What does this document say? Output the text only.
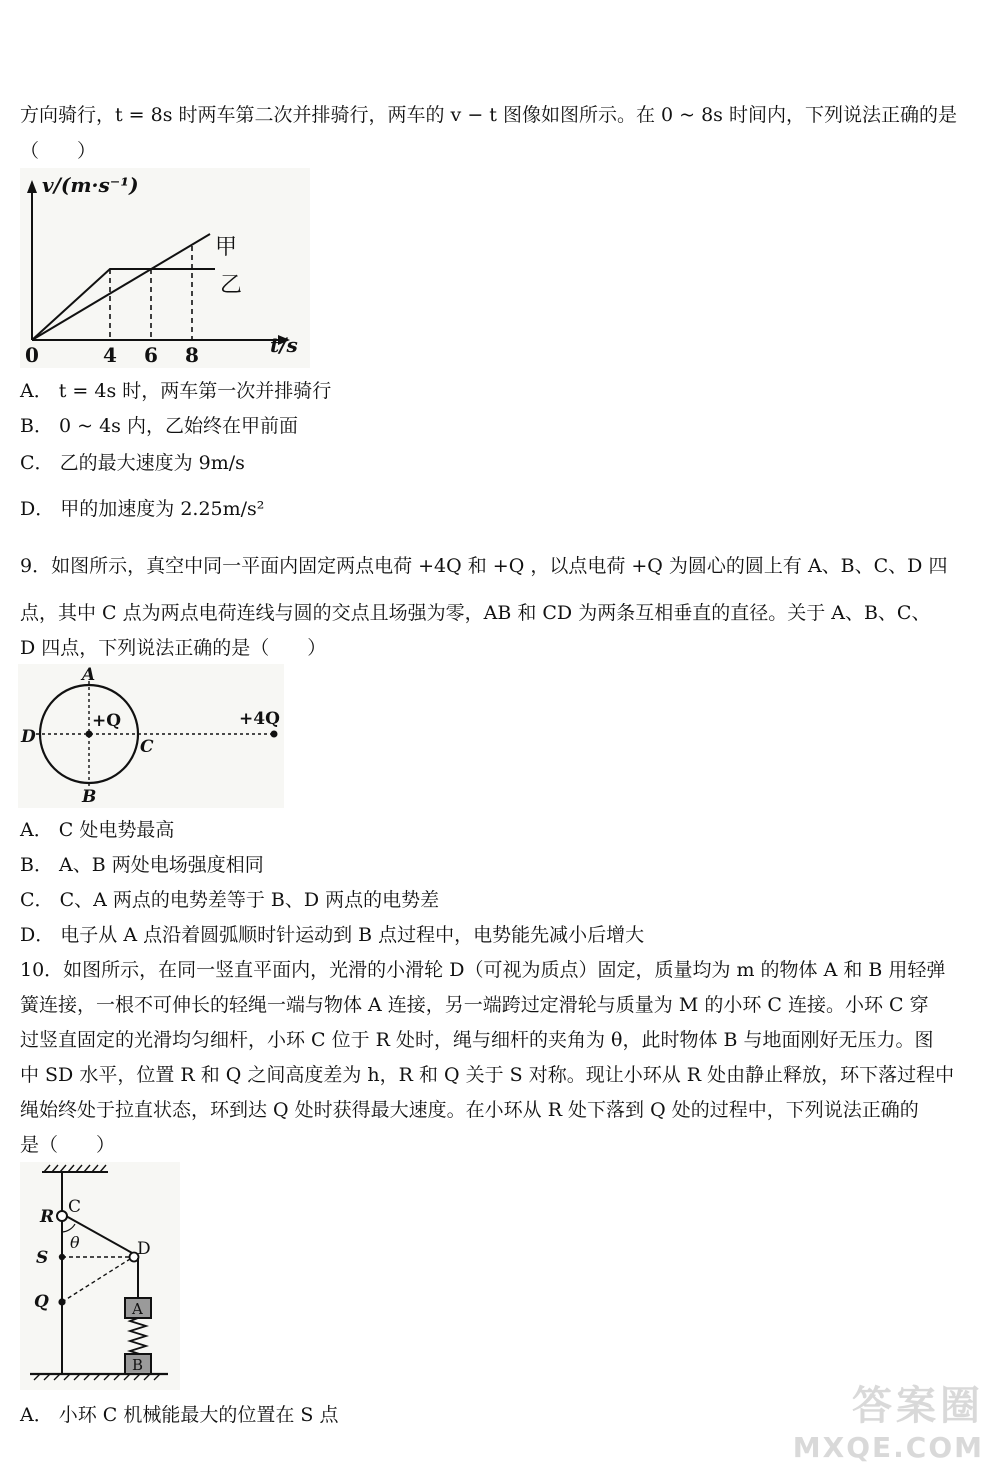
方向骑行，t = 8s 时两车第二次并排骑行，两车的 v − t 图像如图所示。在 0 ~ 8s 时间内，下列说法正确的是
（　　）
v/(m·s⁻¹)
t/s
0	4 6 8
甲
乙
A． t = 4s 时，两车第一次并排骑行
B． 0 ~ 4s 内，乙始终在甲前面
C． 乙的最大速度为 9m/s
D． 甲的加速度为 2.25m/s²
9．如图所示，真空中同一平面内固定两点电荷 +4Q 和 +Q ，以点电荷 +Q 为圆心的圆上有 A、B、C、D 四
点，其中 C 点为两点电荷连线与圆的交点且场强为零，AB 和 CD 为两条互相垂直的直径。关于 A、B、C、
D 四点，下列说法正确的是（　　）
A
B
C
D
+Q	+4Q
A． C 处电势最高
B． A、B 两处电场强度相同
C． C、A 两点的电势差等于 B、D 两点的电势差
D． 电子从 A 点沿着圆弧顺时针运动到 B 点过程中，电势能先减小后增大
10．如图所示，在同一竖直平面内，光滑的小滑轮 D（可视为质点）固定，质量均为 m 的物体 A 和 B 用轻弹
簧连接，一根不可伸长的轻绳一端与物体 A 连接，另一端跨过定滑轮与质量为 M 的小环 C 连接。小环 C 穿
过竖直固定的光滑均匀细杆，小环 C 位于 R 处时，绳与细杆的夹角为 θ，此时物体 B 与地面刚好无压力。图
中 SD 水平，位置 R 和 Q 之间高度差为 h，R 和 Q 关于 S 对称。现让小环从 R 处由静止释放，环下落过程中
绳始终处于拉直状态，环到达 Q 处时获得最大速度。在小环从 R 处下落到 Q 处的过程中，下列说法正确的
是（　　）
R C
θ	D
S
Q	A
B
A． 小环 C 机械能最大的位置在 S 点	答案圈
MXQE.COM
